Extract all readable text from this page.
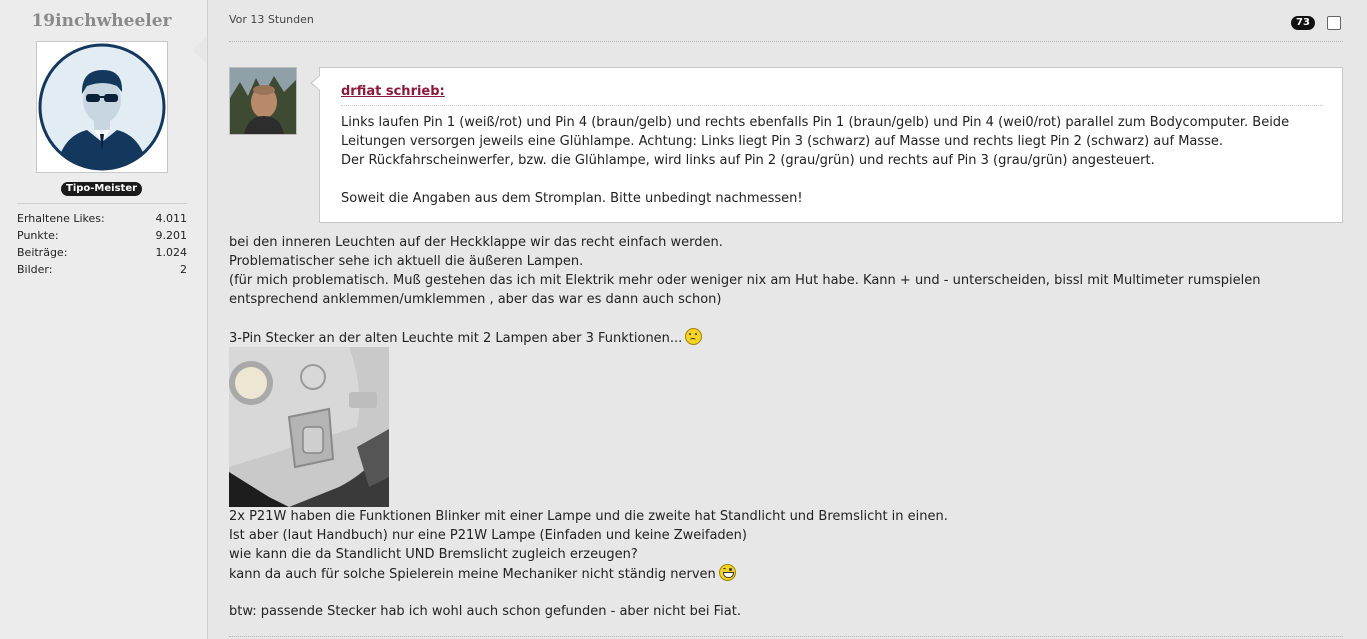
19inchwheeler
Tipo-Meister
Erhaltene Likes:	4.011
Punkte:	9.201
Beiträge:	1.024
Bilder:	2
Vor 13 Stunden	73
drfiat schrieb:
Links laufen Pin 1 (weiß/rot) und Pin 4 (braun/gelb) und rechts ebenfalls Pin 1 (braun/gelb) und Pin 4 (wei0/rot) parallel zum Bodycomputer. Beide
Leitungen versorgen jeweils eine Glühlampe. Achtung: Links liegt Pin 3 (schwarz) auf Masse und rechts liegt Pin 2 (schwarz) auf Masse.
Der Rückfahrscheinwerfer, bzw. die Glühlampe, wird links auf Pin 2 (grau/grün) und rechts auf Pin 3 (grau/grün) angesteuert.
Soweit die Angaben aus dem Stromplan. Bitte unbedingt nachmessen!
bei den inneren Leuchten auf der Heckklappe wir das recht einfach werden.
Problematischer sehe ich aktuell die äußeren Lampen.
(für mich problematisch. Muß gestehen das ich mit Elektrik mehr oder weniger nix am Hut habe. Kann + und - unterscheiden, bissl mit Multimeter rumspielen
entsprechend anklemmen/umklemmen , aber das war es dann auch schon)
3-Pin Stecker an der alten Leuchte mit 2 Lampen aber 3 Funktionen...
2x P21W haben die Funktionen Blinker mit einer Lampe und die zweite hat Standlicht und Bremslicht in einen.
Ist aber (laut Handbuch) nur eine P21W Lampe (Einfaden und keine Zweifaden)
wie kann die da Standlicht UND Bremslicht zugleich erzeugen?
kann da auch für solche Spielerein meine Mechaniker nicht ständig nerven
btw: passende Stecker hab ich wohl auch schon gefunden - aber nicht bei Fiat.
